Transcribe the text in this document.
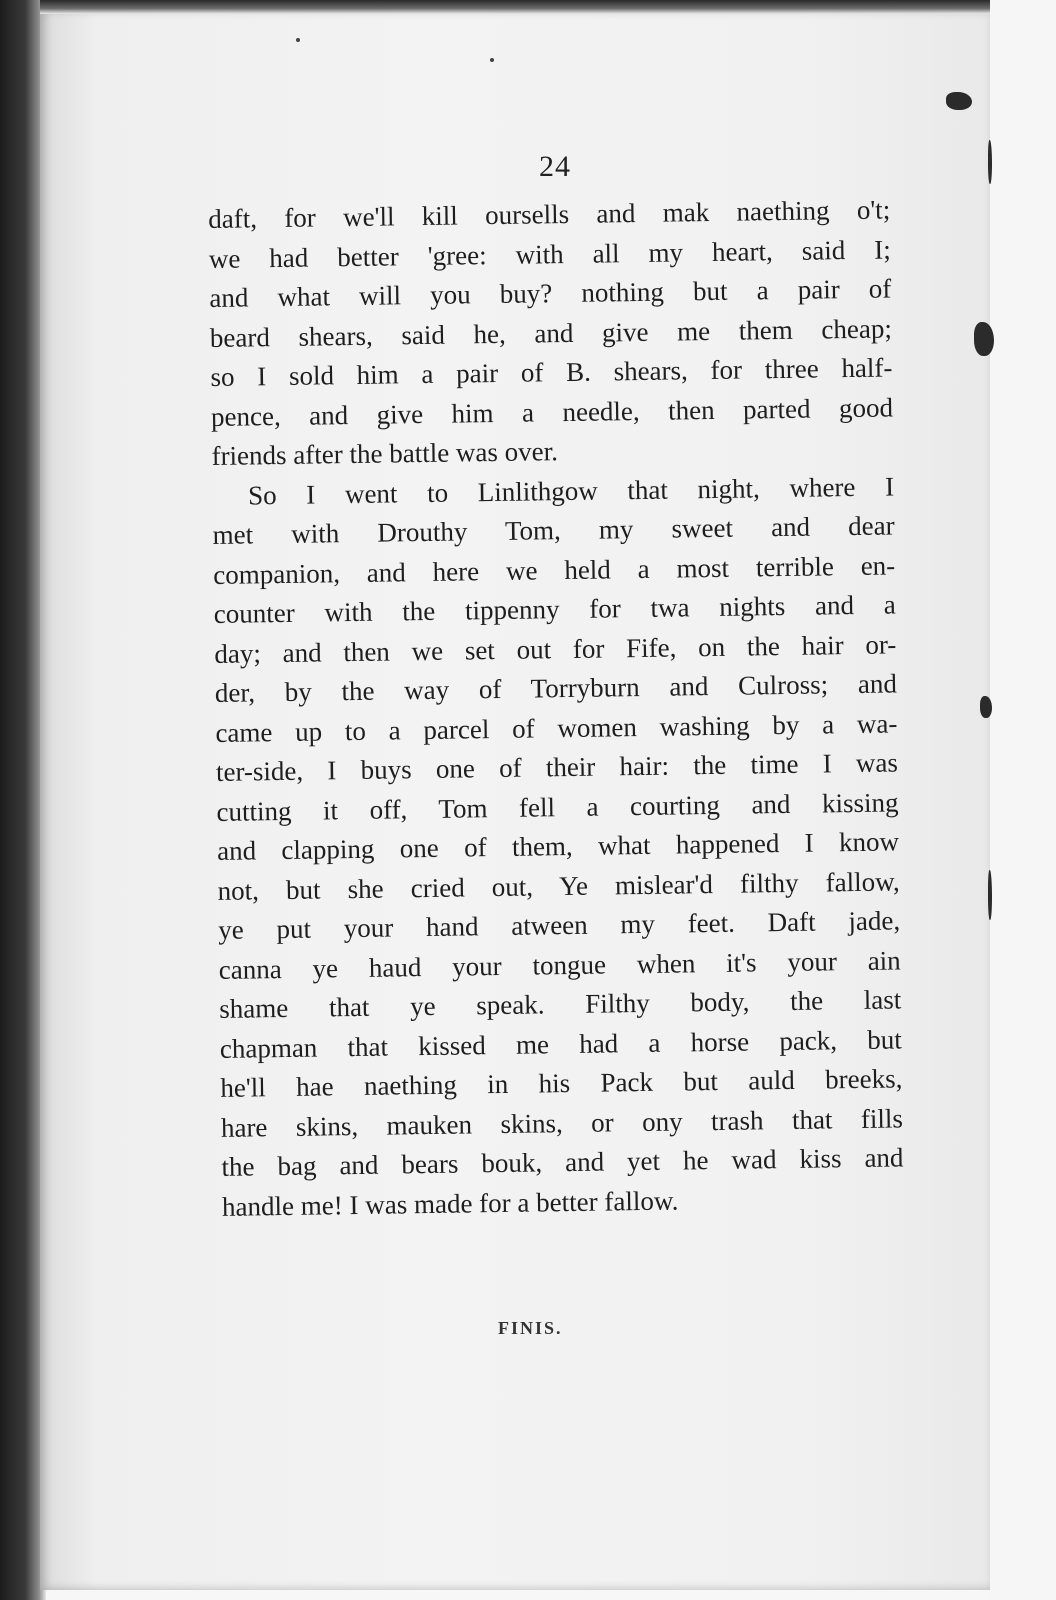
24
daft, for we'll kill oursells and mak naething o't;
we had better 'gree: with all my heart, said I;
and what will you buy? nothing but a pair of
beard shears, said he, and give me them cheap;
so I sold him a pair of B. shears, for three half-
pence, and give him a needle, then parted good
friends after the battle was over.
So I went to Linlithgow that night, where I
met with Drouthy Tom, my sweet and dear
companion, and here we held a most terrible en-
counter with the tippenny for twa nights and a
day; and then we set out for Fife, on the hair or-
der, by the way of Torryburn and Culross; and
came up to a parcel of women washing by a wa-
ter-side, I buys one of their hair: the time I was
cutting it off, Tom fell a courting and kissing
and clapping one of them, what happened I know
not, but she cried out, Ye mislear'd filthy fallow,
ye put your hand atween my feet. Daft jade,
canna ye haud your tongue when it's your ain
shame that ye speak. Filthy body, the last
chapman that kissed me had a horse pack, but
he'll hae naething in his Pack but auld breeks,
hare skins, mauken skins, or ony trash that fills
the bag and bears bouk, and yet he wad kiss and
handle me! I was made for a better fallow.
FINIS.
